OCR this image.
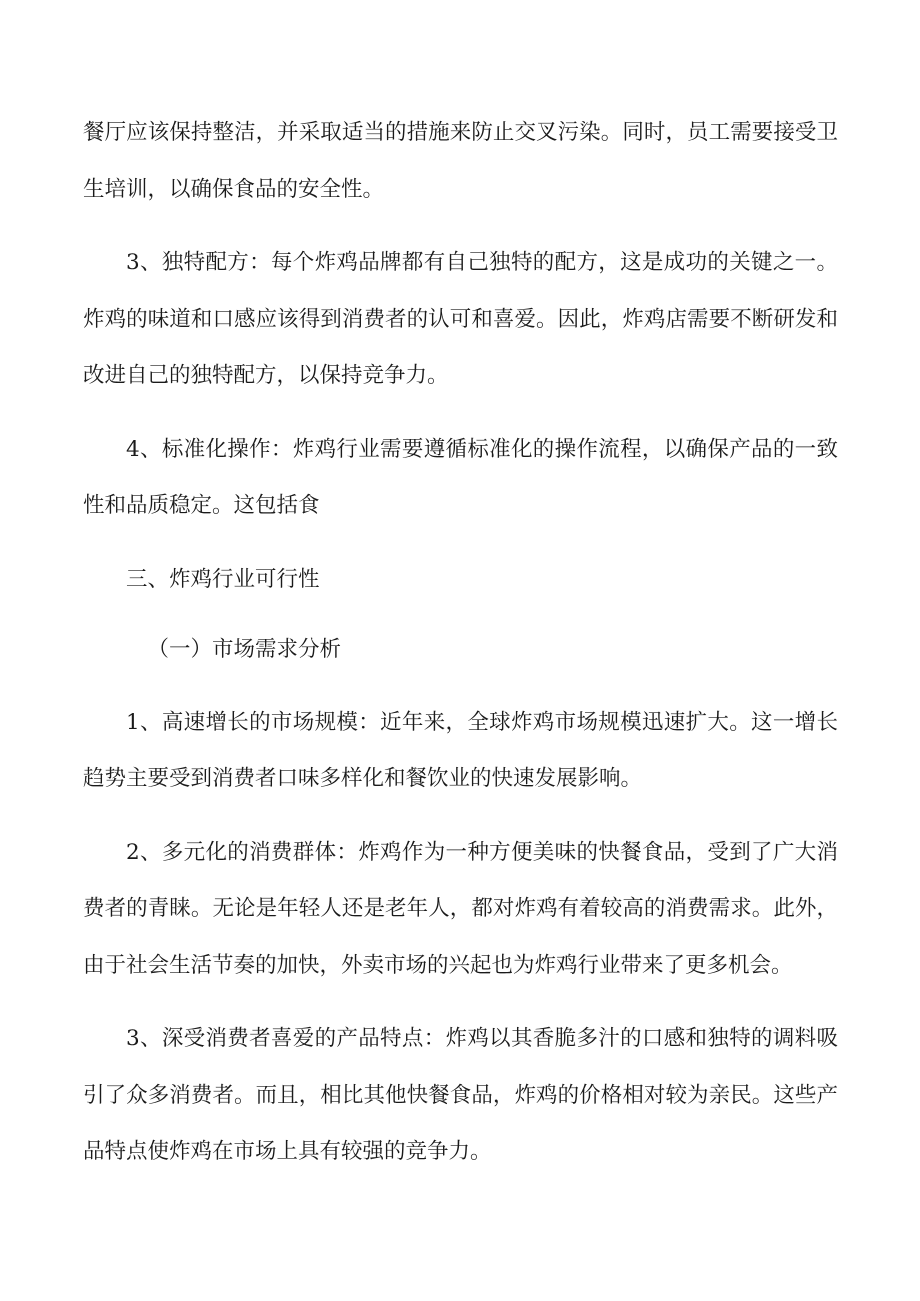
餐厅应该保持整洁，并采取适当的措施来防止交叉污染。同时，员工需要接受卫生培训，以确保食品的安全性。

3、独特配方：每个炸鸡品牌都有自己独特的配方，这是成功的关键之一。炸鸡的味道和口感应该得到消费者的认可和喜爱。因此，炸鸡店需要不断研发和改进自己的独特配方，以保持竞争力。

4、标准化操作：炸鸡行业需要遵循标准化的操作流程，以确保产品的一致性和品质稳定。这包括食

三、炸鸡行业可行性

（一）市场需求分析

1、高速增长的市场规模：近年来，全球炸鸡市场规模迅速扩大。这一增长趋势主要受到消费者口味多样化和餐饮业的快速发展影响。

2、多元化的消费群体：炸鸡作为一种方便美味的快餐食品，受到了广大消费者的青睐。无论是年轻人还是老年人，都对炸鸡有着较高的消费需求。此外，由于社会生活节奏的加快，外卖市场的兴起也为炸鸡行业带来了更多机会。

3、深受消费者喜爱的产品特点：炸鸡以其香脆多汁的口感和独特的调料吸引了众多消费者。而且，相比其他快餐食品，炸鸡的价格相对较为亲民。这些产品特点使炸鸡在市场上具有较强的竞争力。
